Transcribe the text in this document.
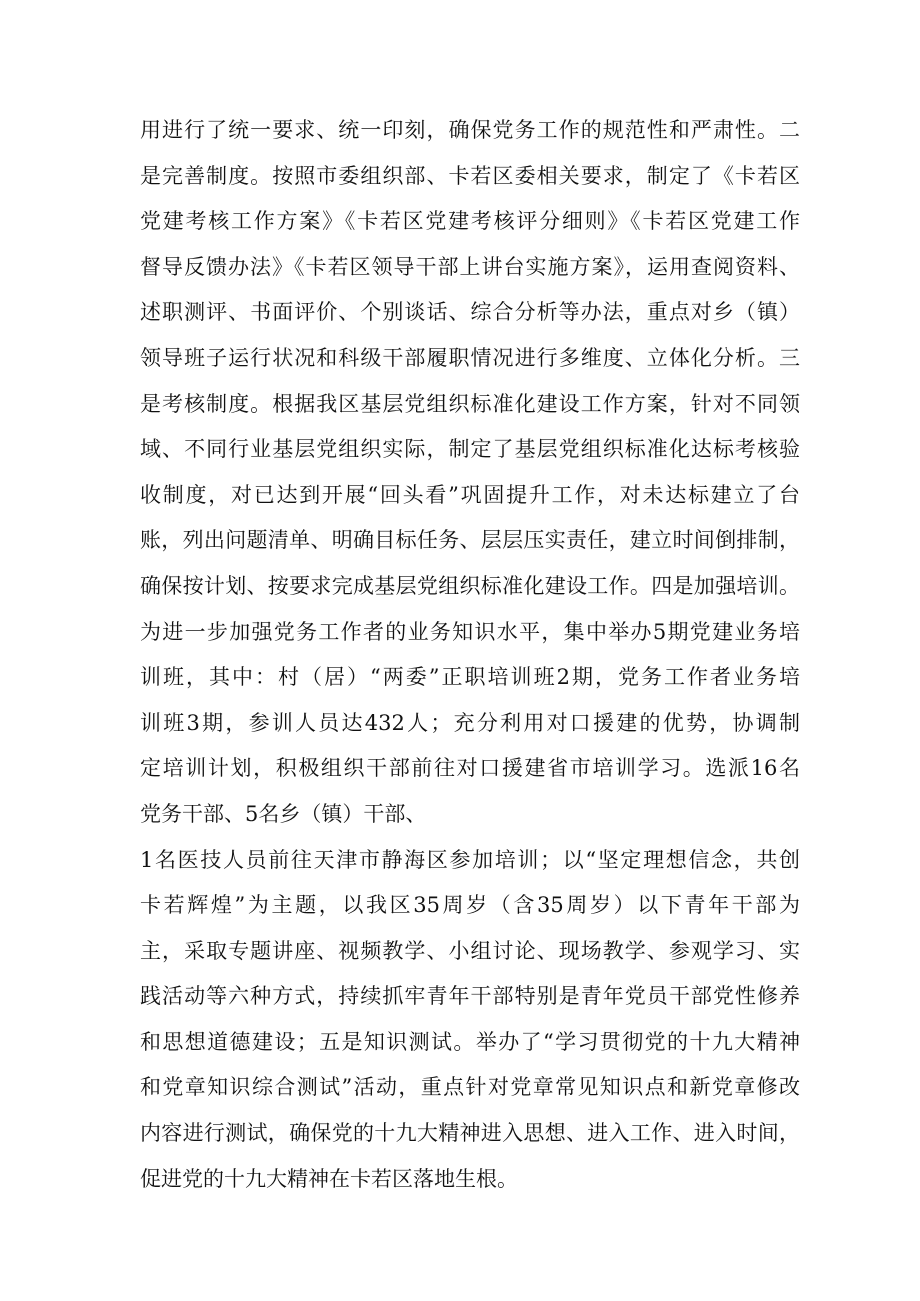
用进行了统一要求、统一印刻，确保党务工作的规范性和严肃性。二
是完善制度。按照市委组织部、卡若区委相关要求，制定了《卡若区
党建考核工作方案》《卡若区党建考核评分细则》《卡若区党建工作
督导反馈办法》《卡若区领导干部上讲台实施方案》，运用查阅资料、
述职测评、书面评价、个别谈话、综合分析等办法，重点对乡（镇）
领导班子运行状况和科级干部履职情况进行多维度、立体化分析。三
是考核制度。根据我区基层党组织标准化建设工作方案，针对不同领
域、不同行业基层党组织实际，制定了基层党组织标准化达标考核验
收制度，对已达到开展“回头看”巩固提升工作，对未达标建立了台
账，列出问题清单、明确目标任务、层层压实责任，建立时间倒排制，
确保按计划、按要求完成基层党组织标准化建设工作。四是加强培训。
为进一步加强党务工作者的业务知识水平，集中举办5期党建业务培
训班，其中：村（居）“两委”正职培训班2期，党务工作者业务培
训班3期，参训人员达432人；充分利用对口援建的优势，协调制
定培训计划，积极组织干部前往对口援建省市培训学习。选派16名
党务干部、5名乡（镇）干部、
1名医技人员前往天津市静海区参加培训；以“坚定理想信念，共创
卡若辉煌”为主题，以我区35周岁（含35周岁）以下青年干部为
主，采取专题讲座、视频教学、小组讨论、现场教学、参观学习、实
践活动等六种方式，持续抓牢青年干部特别是青年党员干部党性修养
和思想道德建设；五是知识测试。举办了“学习贯彻党的十九大精神
和党章知识综合测试”活动，重点针对党章常见知识点和新党章修改
内容进行测试，确保党的十九大精神进入思想、进入工作、进入时间，
促进党的十九大精神在卡若区落地生根。
